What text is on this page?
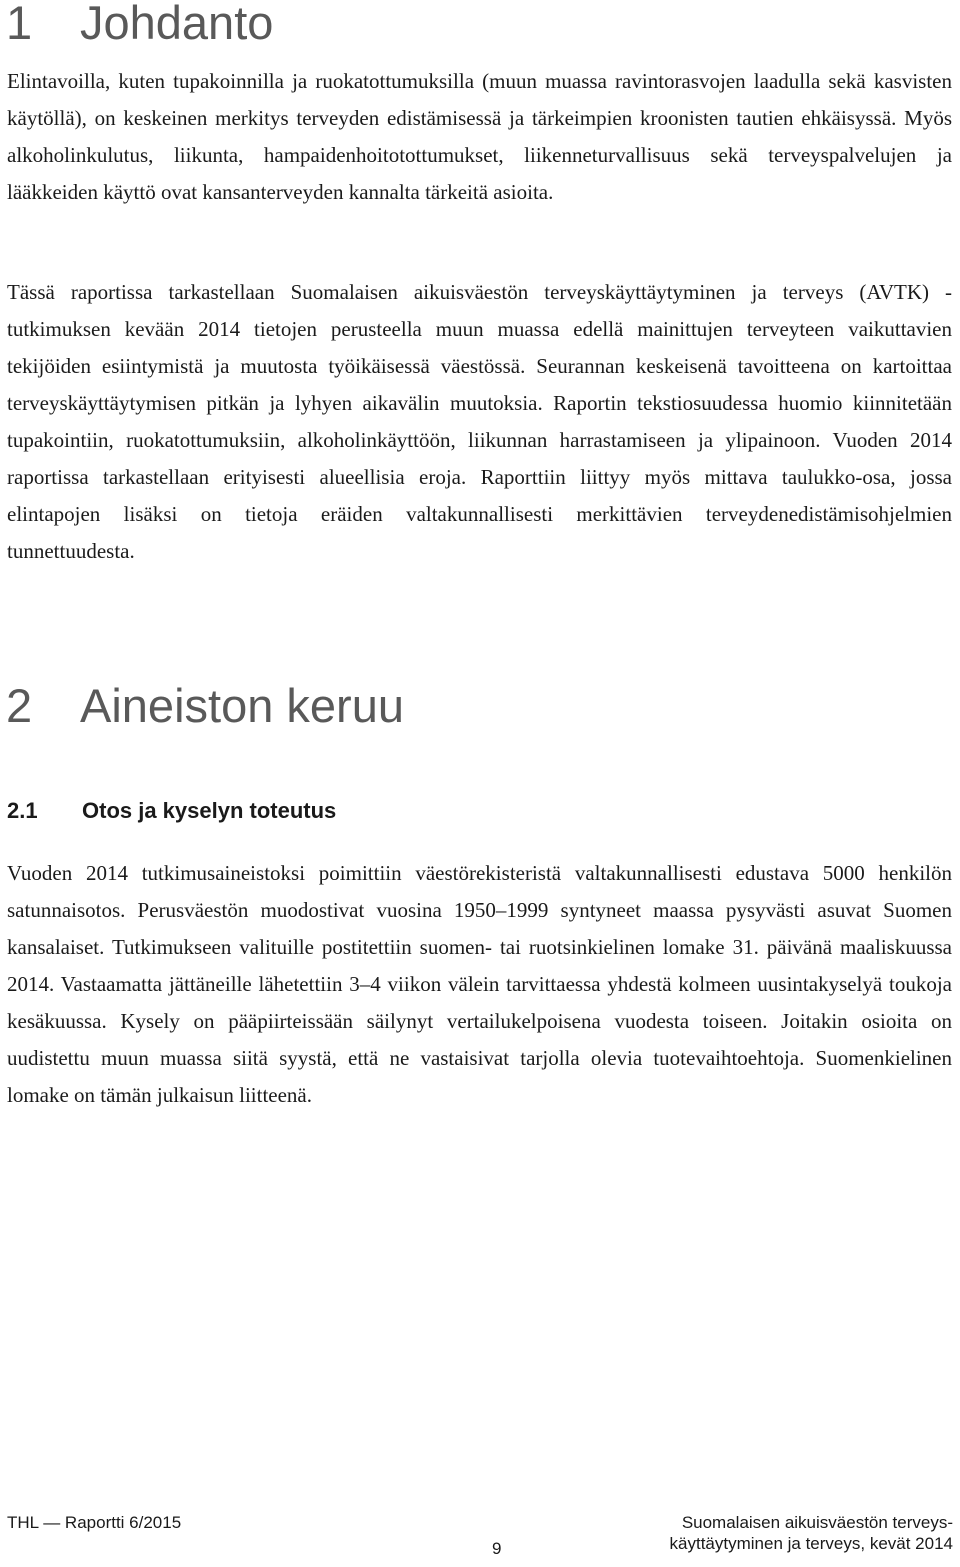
1 Johdanto

Elintavoilla, kuten tupakoinnilla ja ruokatottumuksilla (muun muassa ravintorasvojen laadulla sekä kasvisten käytöllä), on keskeinen merkitys terveyden edistämisessä ja tärkeimpien kroonisten tautien ehkäisyssä. Myös alkoholinkulutus, liikunta, hampaidenhoitotottumukset, liikenneturvallisuus sekä terveyspalvelujen ja lääkkeiden käyttö ovat kansanterveyden kannalta tärkeitä asioita.

Tässä raportissa tarkastellaan Suomalaisen aikuisväestön terveyskäyttäytyminen ja terveys (AVTK) -tutkimuksen kevään 2014 tietojen perusteella muun muassa edellä mainittujen terveyteen vaikuttavien tekijöiden esiintymistä ja muutosta työikäisessä väestössä. Seurannan keskeisenä tavoitteena on kartoittaa terveyskäyttäytymisen pitkän ja lyhyen aikavälin muutoksia. Raportin tekstiosuudessa huomio kiinnitetään tupakointiin, ruokatottumuksiin, alkoholinkäyttöön, liikunnan harrastamiseen ja ylipainoon. Vuoden 2014 raportissa tarkastellaan erityisesti alueellisia eroja. Raporttiin liittyy myös mittava taulukko-osa, jossa elintapojen lisäksi on tietoja eräiden valtakunnallisesti merkittävien terveydenedistämisohjelmien tunnettuudesta.

2 Aineiston keruu
2.1 Otos ja kyselyn toteutus

Vuoden 2014 tutkimusaineistoksi poimittiin väestörekisteristä valtakunnallisesti edustava 5000 henkilön satunnaisotos. Perusväestön muodostivat vuosina 1950–1999 syntyneet maassa pysyvästi asuvat Suomen kansalaiset. Tutkimukseen valituille postitettiin suomen- tai ruotsinkielinen lomake 31. päivänä maaliskuussa 2014. Vastaamatta jättäneille lähetettiin 3–4 viikon välein tarvittaessa yhdestä kolmeen uusintakyselyä toukoja kesäkuussa. Kysely on pääpiirteissään säilynyt vertailukelpoisena vuodesta toiseen. Joitakin osioita on uudistettu muun muassa siitä syystä, että ne vastaisivat tarjolla olevia tuotevaihtoehtoja. Suomenkielinen lomake on tämän julkaisun liitteenä.

THL — Raportti 6/2015
9
Suomalaisen aikuisväestön terveys-
käyttäytyminen ja terveys, kevät 2014
